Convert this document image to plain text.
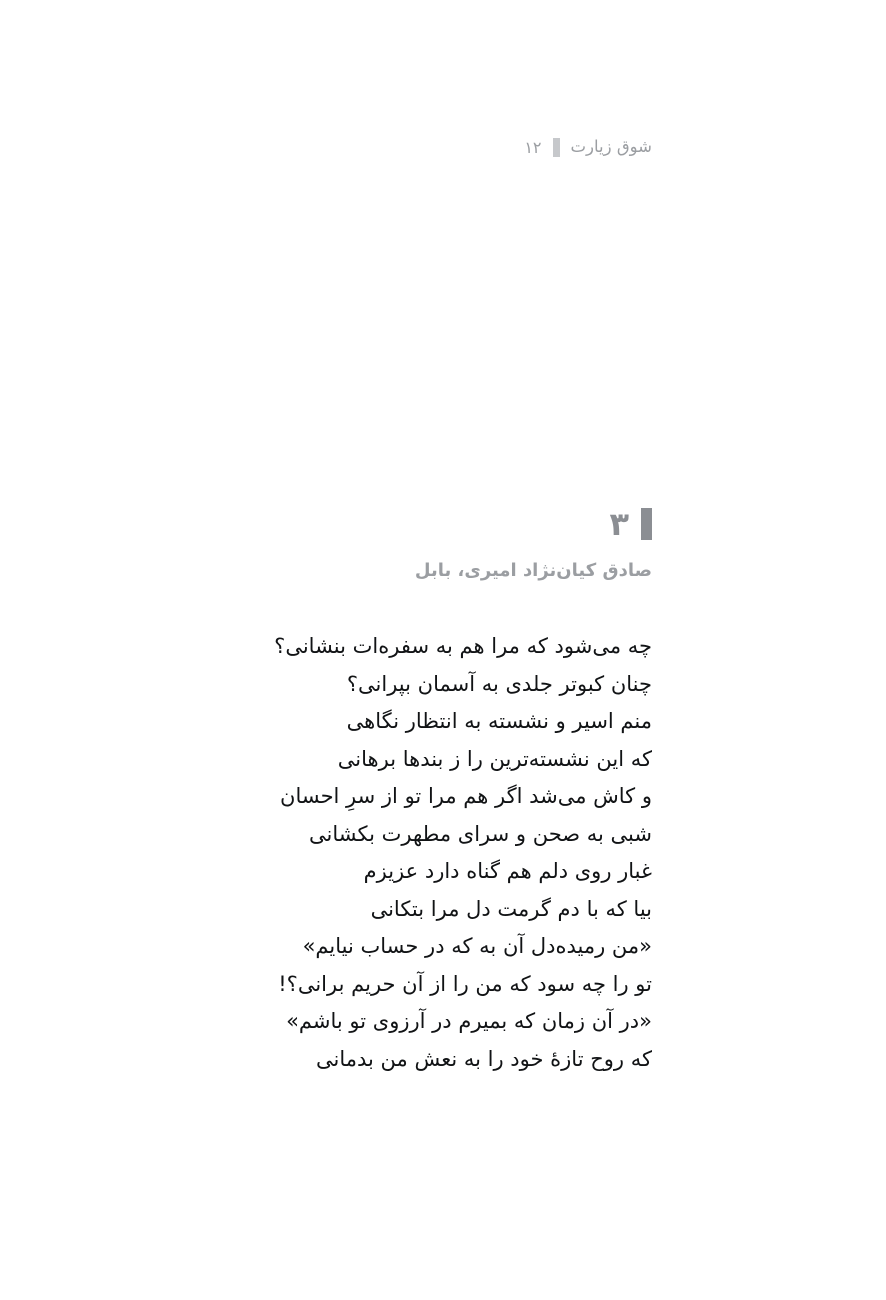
شوق زیارت
۱۲
۳
صادق کیان‌نژاد امیری، بابل
چه می‌شود که مرا هم به سفره‌ات بنشانی؟
چنان کبوتر جلدی به آسمان بپرانی؟
منم اسیر و نشسته به انتظار نگاهی
که این نشسته‌ترین را ز بندها برهانی
و کاش می‌شد اگر هم مرا تو از سرِ احسان
شبی به صحن و سرای مطهرت بکشانی
غبار روی دلم هم گناه دارد عزیزم
بیا که با دم گرمت دل مرا بتکانی
«من رمیده‌دل آن به که در حساب نیایم»
تو را چه سود که من را از آن حریم برانی؟!
«در آن زمان که بمیرم در آرزوی تو باشم»
که روح تازهٔ خود را به نعش من بدمانی
